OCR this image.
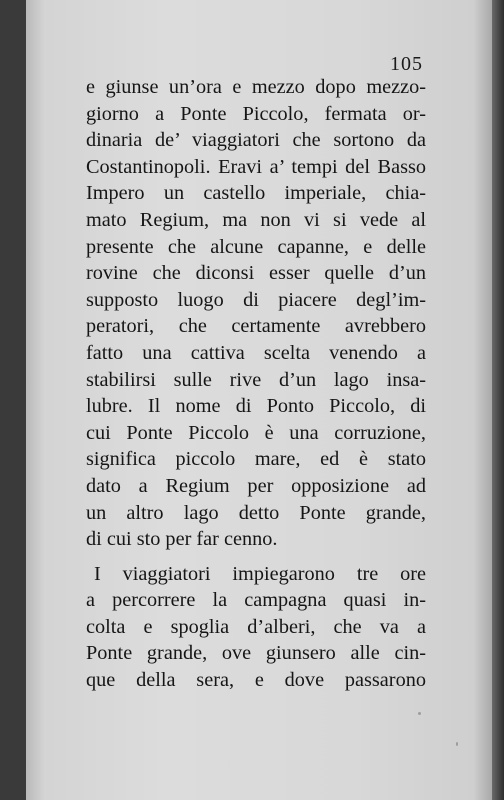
105
e giunse un’ora e mezzo dopo mezzo-
giorno a Ponte Piccolo, fermata or-
dinaria de’ viaggiatori che sortono da
Costantinopoli. Eravi a’ tempi del Basso
Impero un castello imperiale, chia-
mato Regium, ma non vi si vede al
presente che alcune capanne, e delle
rovine che diconsi esser quelle d’un
supposto luogo di piacere degl’im-
peratori, che certamente avrebbero
fatto una cattiva scelta venendo a
stabilirsi sulle rive d’un lago insa-
lubre. Il nome di Ponto Piccolo, di
cui Ponte Piccolo è una corruzione,
significa piccolo mare, ed è stato
dato a Regium per opposizione ad
un altro lago detto Ponte grande,
di cui sto per far cenno.
I viaggiatori impiegarono tre ore
a percorrere la campagna quasi in-
colta e spoglia d’alberi, che va a
Ponte grande, ove giunsero alle cin-
que della sera, e dove passarono
